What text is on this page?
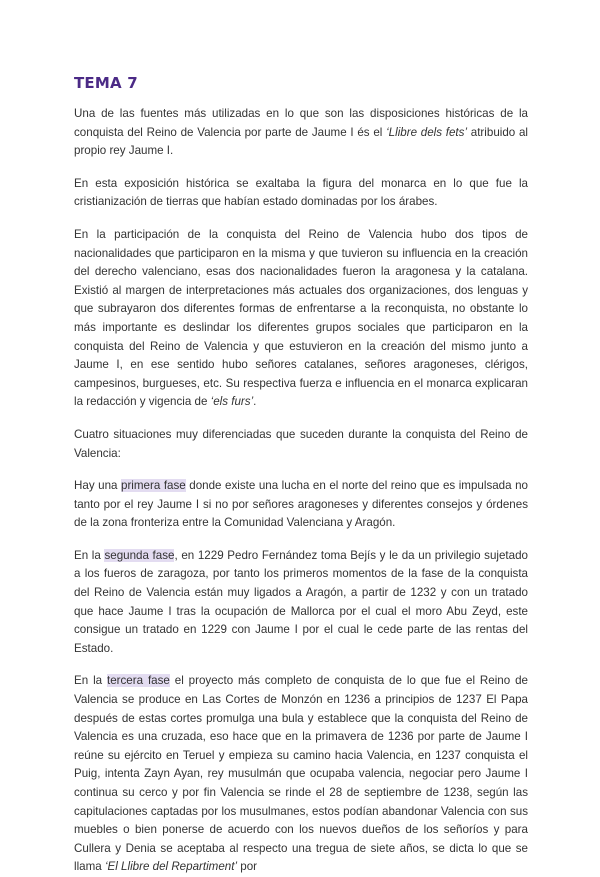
TEMA 7

Una de las fuentes más utilizadas en lo que son las disposiciones históricas de la conquista del Reino de Valencia por parte de Jaume I és el ‘Llibre dels fets’ atribuido al propio rey Jaume I.

En esta exposición histórica se exaltaba la figura del monarca en lo que fue la cristianización de tierras que habían estado dominadas por los árabes.

En la participación de la conquista del Reino de Valencia hubo dos tipos de nacionalidades que participaron en la misma y que tuvieron su influencia en la creación del derecho valenciano, esas dos nacionalidades fueron la aragonesa y la catalana. Existió al margen de interpretaciones más actuales dos organizaciones, dos lenguas y que subrayaron dos diferentes formas de enfrentarse a la reconquista, no obstante lo más importante es deslindar los diferentes grupos sociales que participaron en la conquista del Reino de Valencia y que estuvieron en la creación del mismo junto a Jaume I, en ese sentido hubo señores catalanes, señores aragoneses, clérigos, campesinos, burgueses, etc. Su respectiva fuerza e influencia en el monarca explicaran la redacción y vigencia de ‘els furs’.

Cuatro situaciones muy diferenciadas que suceden durante la conquista del Reino de Valencia:

Hay una primera fase donde existe una lucha en el norte del reino que es impulsada no tanto por el rey Jaume I si no por señores aragoneses y diferentes consejos y órdenes de la zona fronteriza entre la Comunidad Valenciana y Aragón.

En la segunda fase, en 1229 Pedro Fernández toma Bejís y le da un privilegio sujetado a los fueros de zaragoza, por tanto los primeros momentos de la fase de la conquista del Reino de Valencia están muy ligados a Aragón, a partir de 1232 y con un tratado que hace Jaume I tras la ocupación de Mallorca por el cual el moro Abu Zeyd, este consigue un tratado en 1229 con Jaume I por el cual le cede parte de las rentas del Estado.

En la tercera fase el proyecto más completo de conquista de lo que fue el Reino de Valencia se produce en Las Cortes de Monzón en 1236 a principios de 1237 El Papa después de estas cortes promulga una bula y establece que la conquista del Reino de Valencia es una cruzada, eso hace que en la primavera de 1236 por parte de Jaume I reúne su ejército en Teruel y empieza su camino hacia Valencia, en 1237 conquista el Puig, intenta Zayn Ayan, rey musulmán que ocupaba valencia, negociar pero Jaume I continua su cerco y por fin Valencia se rinde el 28 de septiembre de 1238, según las capitulaciones captadas por los musulmanes, estos podían abandonar Valencia con sus muebles o bien ponerse de acuerdo con los nuevos dueños de los señoríos y para Cullera y Denia se aceptaba al respecto una tregua de siete años, se dicta lo que se llama ‘El Llibre del Repartiment’ por
